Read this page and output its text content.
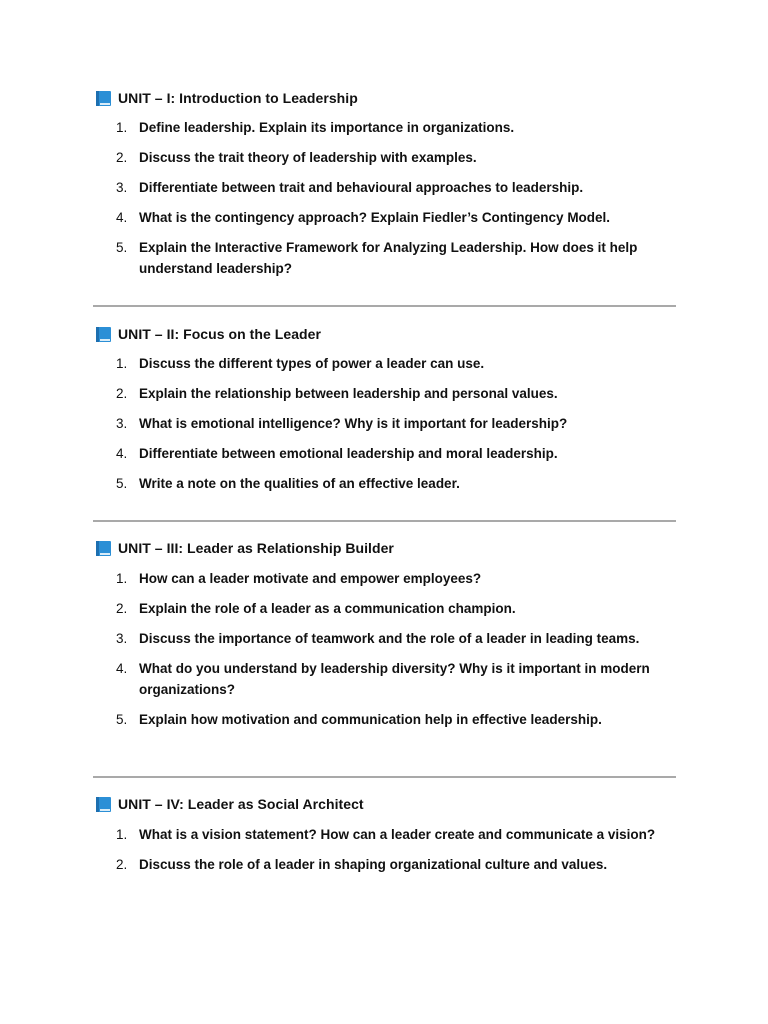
UNIT – I: Introduction to Leadership
1. Define leadership. Explain its importance in organizations.
2. Discuss the trait theory of leadership with examples.
3. Differentiate between trait and behavioural approaches to leadership.
4. What is the contingency approach? Explain Fiedler’s Contingency Model.
5. Explain the Interactive Framework for Analyzing Leadership. How does it help understand leadership?
UNIT – II: Focus on the Leader
1. Discuss the different types of power a leader can use.
2. Explain the relationship between leadership and personal values.
3. What is emotional intelligence? Why is it important for leadership?
4. Differentiate between emotional leadership and moral leadership.
5. Write a note on the qualities of an effective leader.
UNIT – III: Leader as Relationship Builder
1. How can a leader motivate and empower employees?
2. Explain the role of a leader as a communication champion.
3. Discuss the importance of teamwork and the role of a leader in leading teams.
4. What do you understand by leadership diversity? Why is it important in modern organizations?
5. Explain how motivation and communication help in effective leadership.
UNIT – IV: Leader as Social Architect
1. What is a vision statement? How can a leader create and communicate a vision?
2. Discuss the role of a leader in shaping organizational culture and values.
